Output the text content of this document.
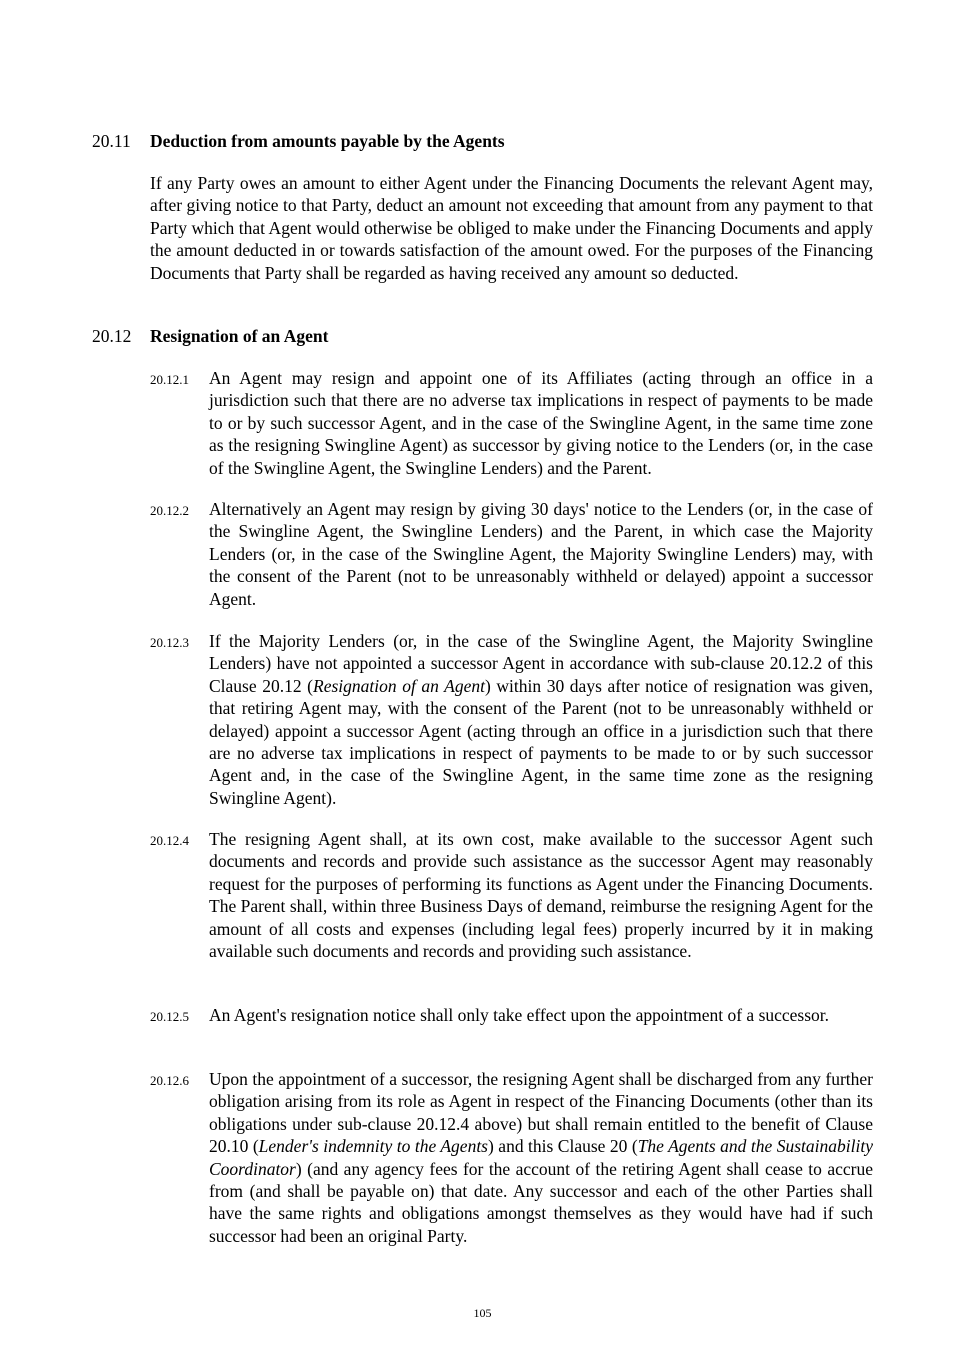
20.11 Deduction from amounts payable by the Agents

If any Party owes an amount to either Agent under the Financing Documents the relevant Agent may, after giving notice to that Party, deduct an amount not exceeding that amount from any payment to that Party which that Agent would otherwise be obliged to make under the Financing Documents and apply the amount deducted in or towards satisfaction of the amount owed. For the purposes of the Financing Documents that Party shall be regarded as having received any amount so deducted.

20.12 Resignation of an Agent
20.12.1 An Agent may resign and appoint one of its Affiliates (acting through an office in a jurisdiction such that there are no adverse tax implications in respect of payments to be made to or by such successor Agent, and in the case of the Swingline Agent, in the same time zone as the resigning Swingline Agent) as successor by giving notice to the Lenders (or, in the case of the Swingline Agent, the Swingline Lenders) and the Parent.
20.12.2 Alternatively an Agent may resign by giving 30 days' notice to the Lenders (or, in the case of the Swingline Agent, the Swingline Lenders) and the Parent, in which case the Majority Lenders (or, in the case of the Swingline Agent, the Majority Swingline Lenders) may, with the consent of the Parent (not to be unreasonably withheld or delayed) appoint a successor Agent.
20.12.3 If the Majority Lenders (or, in the case of the Swingline Agent, the Majority Swingline Lenders) have not appointed a successor Agent in accordance with sub-clause 20.12.2 of this Clause 20.12 (Resignation of an Agent) within 30 days after notice of resignation was given, that retiring Agent may, with the consent of the Parent (not to be unreasonably withheld or delayed) appoint a successor Agent (acting through an office in a jurisdiction such that there are no adverse tax implications in respect of payments to be made to or by such successor Agent and, in the case of the Swingline Agent, in the same time zone as the resigning Swingline Agent).
20.12.4 The resigning Agent shall, at its own cost, make available to the successor Agent such documents and records and provide such assistance as the successor Agent may reasonably request for the purposes of performing its functions as Agent under the Financing Documents. The Parent shall, within three Business Days of demand, reimburse the resigning Agent for the amount of all costs and expenses (including legal fees) properly incurred by it in making available such documents and records and providing such assistance.
20.12.5 An Agent's resignation notice shall only take effect upon the appointment of a successor.
20.12.6 Upon the appointment of a successor, the resigning Agent shall be discharged from any further obligation arising from its role as Agent in respect of the Financing Documents (other than its obligations under sub-clause 20.12.4 above) but shall remain entitled to the benefit of Clause 20.10 (Lender's indemnity to the Agents) and this Clause 20 (The Agents and the Sustainability Coordinator) (and any agency fees for the account of the retiring Agent shall cease to accrue from (and shall be payable on) that date. Any successor and each of the other Parties shall have the same rights and obligations amongst themselves as they would have had if such successor had been an original Party.
105
